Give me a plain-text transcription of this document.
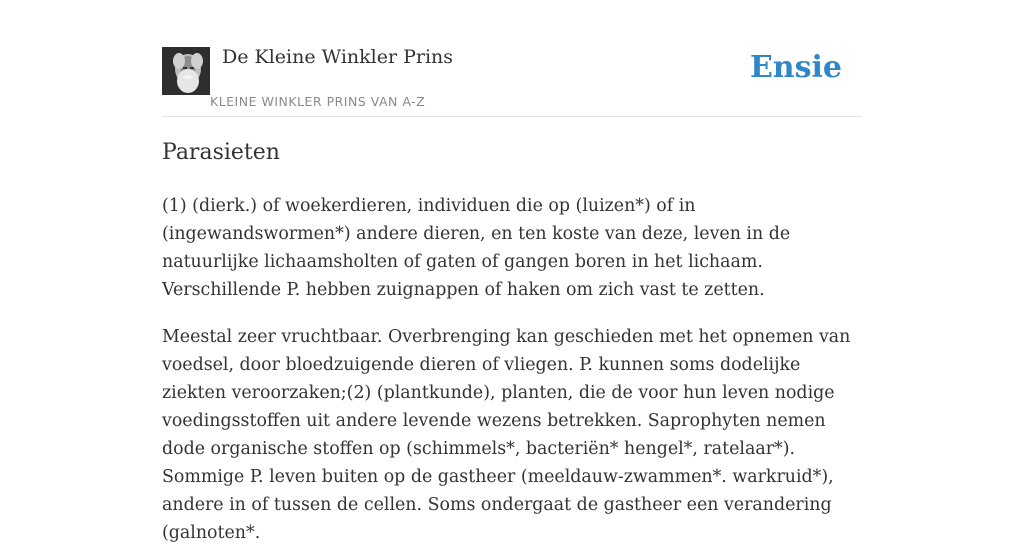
De Kleine Winkler Prins
KLEINE WINKLER PRINS VAN A-Z
Ensie
Parasieten

(1) (dierk.) of woekerdieren, individuen die op (luizen*) of in (ingewandswormen*) andere dieren, en ten koste van deze, leven in de natuurlijke lichaamsholten of gaten of gangen boren in het lichaam. Verschillende P. hebben zuignappen of haken om zich vast te zetten.

Meestal zeer vruchtbaar. Overbrenging kan geschieden met het opnemen van voedsel, door bloedzuigende dieren of vliegen. P. kunnen soms dodelijke ziekten veroorzaken;(2) (plantkunde), planten, die de voor hun leven nodige voedingsstoffen uit andere levende wezens betrekken. Saprophyten nemen dode organische stoffen op (schimmels*, bacteriën* hengel*, ratelaar*). Sommige P. leven buiten op de gastheer (meeldauw-zwammen*. warkruid*), andere in of tussen de cellen. Soms ondergaat de gastheer een verandering (galnoten*.
